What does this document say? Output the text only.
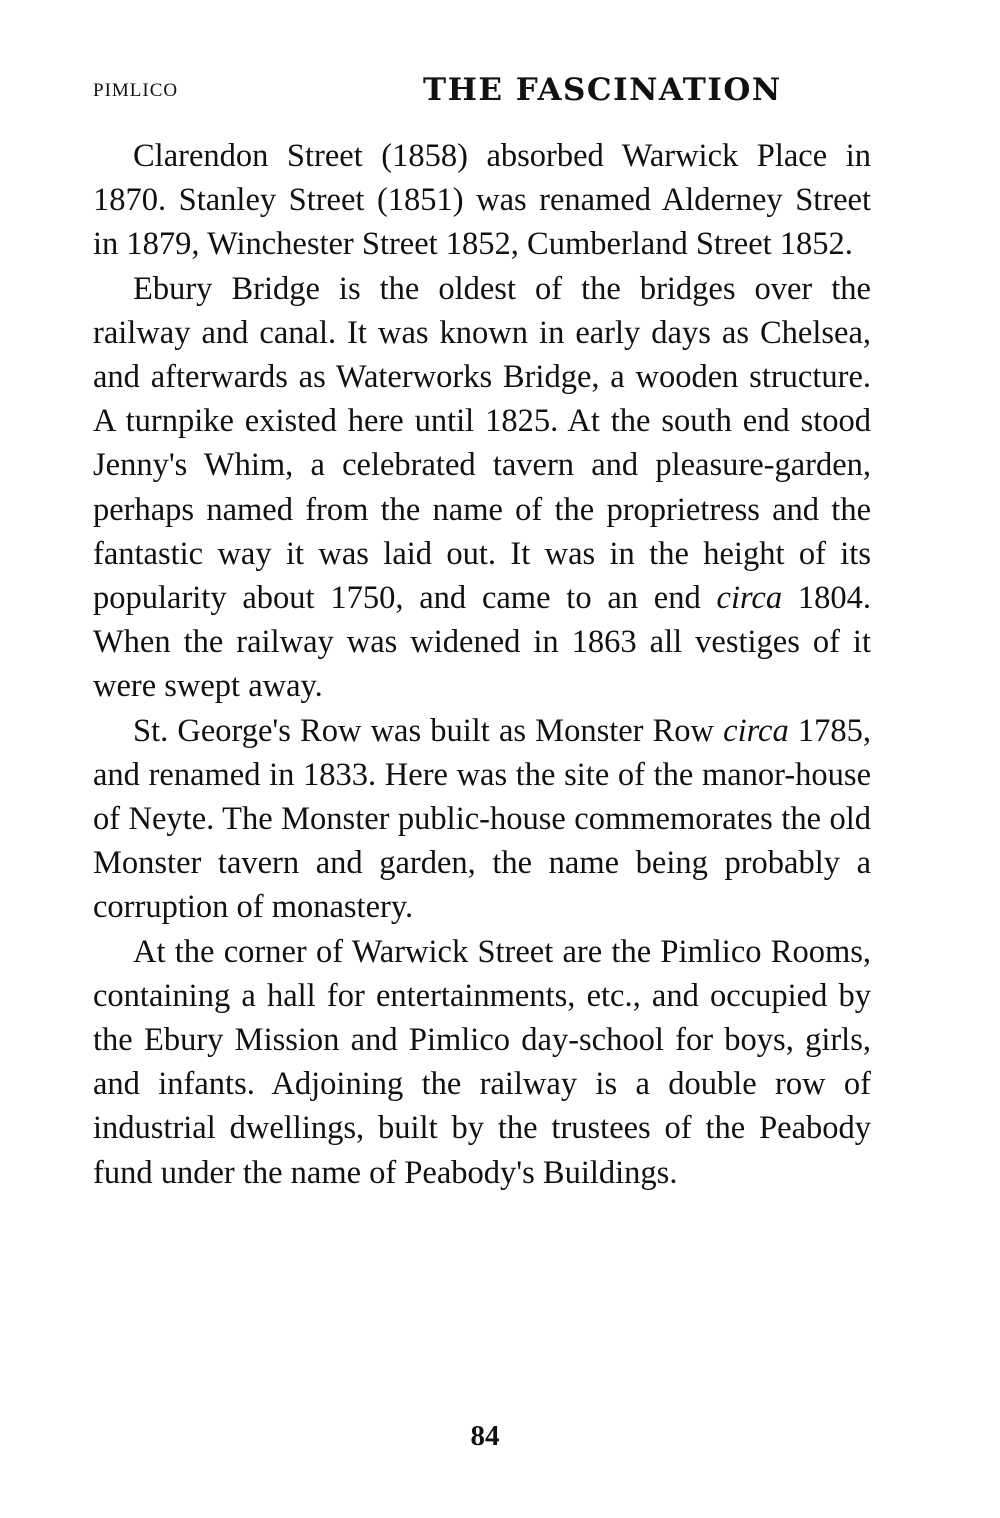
PIMLICO	THE FASCINATION

Clarendon Street (1858) absorbed Warwick Place in 1870. Stanley Street (1851) was renamed Alderney Street in 1879, Winchester Street 1852, Cumberland Street 1852.

Ebury Bridge is the oldest of the bridges over the railway and canal. It was known in early days as Chelsea, and afterwards as Waterworks Bridge, a wooden structure. A turnpike existed here until 1825. At the south end stood Jenny's Whim, a celebrated tavern and pleasure-garden, perhaps named from the name of the proprietress and the fantastic way it was laid out. It was in the height of its popularity about 1750, and came to an end circa 1804. When the railway was widened in 1863 all vestiges of it were swept away.

St. George's Row was built as Monster Row circa 1785, and renamed in 1833. Here was the site of the manor-house of Neyte. The Monster public-house commemorates the old Monster tavern and garden, the name being probably a corruption of monastery.

At the corner of Warwick Street are the Pimlico Rooms, containing a hall for entertainments, etc., and occupied by the Ebury Mission and Pimlico day-school for boys, girls, and infants. Adjoining the railway is a double row of industrial dwellings, built by the trustees of the Peabody fund under the name of Peabody's Buildings.

84
